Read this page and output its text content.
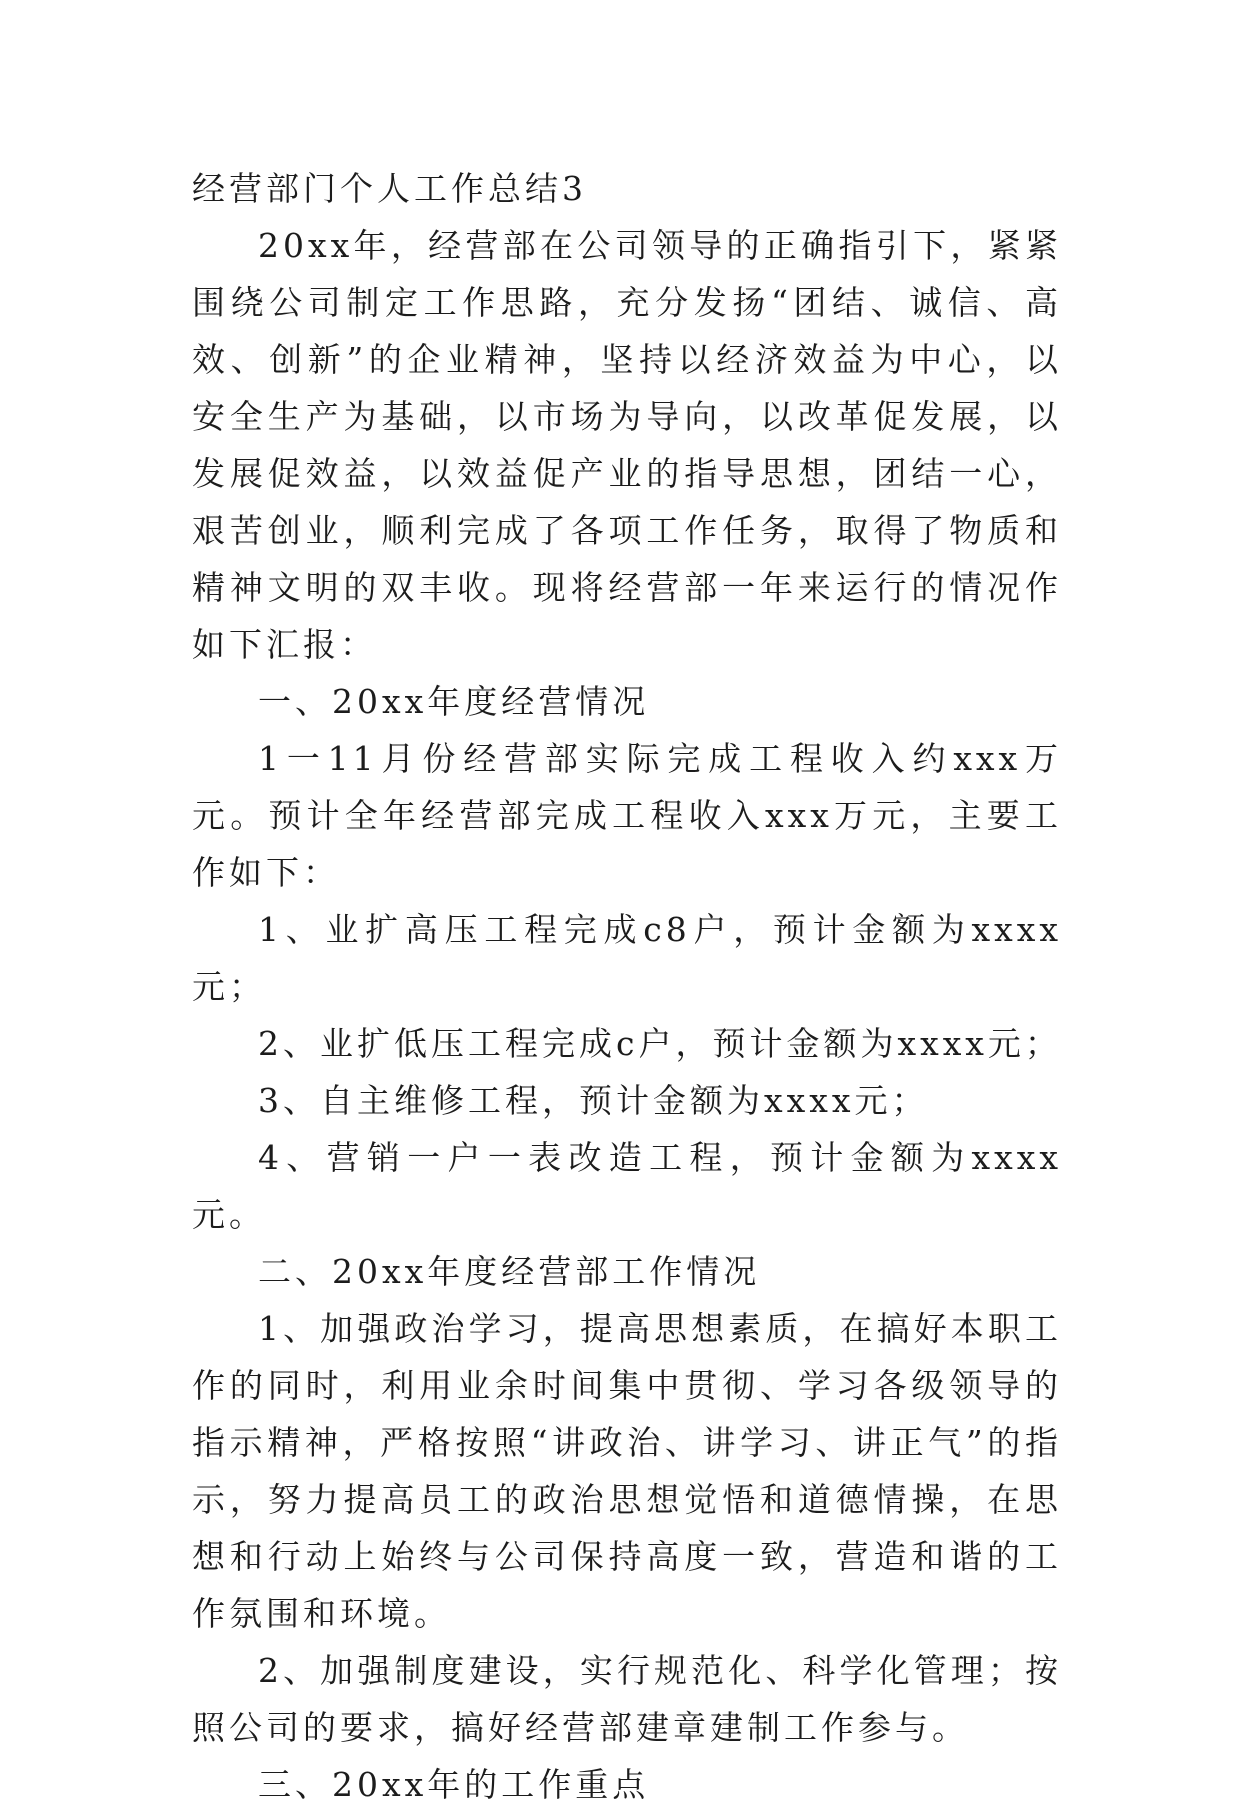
经营部门个人工作总结3

20xx年，经营部在公司领导的正确指引下，紧紧围绕公司制定工作思路，充分发扬“团结、诚信、高效、创新”的企业精神，坚持以经济效益为中心，以安全生产为基础，以市场为导向，以改革促发展，以发展促效益，以效益促产业的指导思想，团结一心，艰苦创业，顺利完成了各项工作任务，取得了物质和精神文明的双丰收。现将经营部一年来运行的情况作如下汇报：

一、20xx年度经营情况

1一11月份经营部实际完成工程收入约xxx万元。预计全年经营部完成工程收入xxx万元，主要工作如下：

1、业扩高压工程完成c8户，预计金额为xxxx元；

2、业扩低压工程完成c户，预计金额为xxxx元；

3、自主维修工程，预计金额为xxxx元；

4、营销一户一表改造工程，预计金额为xxxx元。

二、20xx年度经营部工作情况

1、加强政治学习，提高思想素质，在搞好本职工作的同时，利用业余时间集中贯彻、学习各级领导的指示精神，严格按照“讲政治、讲学习、讲正气”的指示，努力提高员工的政治思想觉悟和道德情操，在思想和行动上始终与公司保持高度一致，营造和谐的工作氛围和环境。

2、加强制度建设，实行规范化、科学化管理；按照公司的要求，搞好经营部建章建制工作参与。

三、20xx年的工作重点
